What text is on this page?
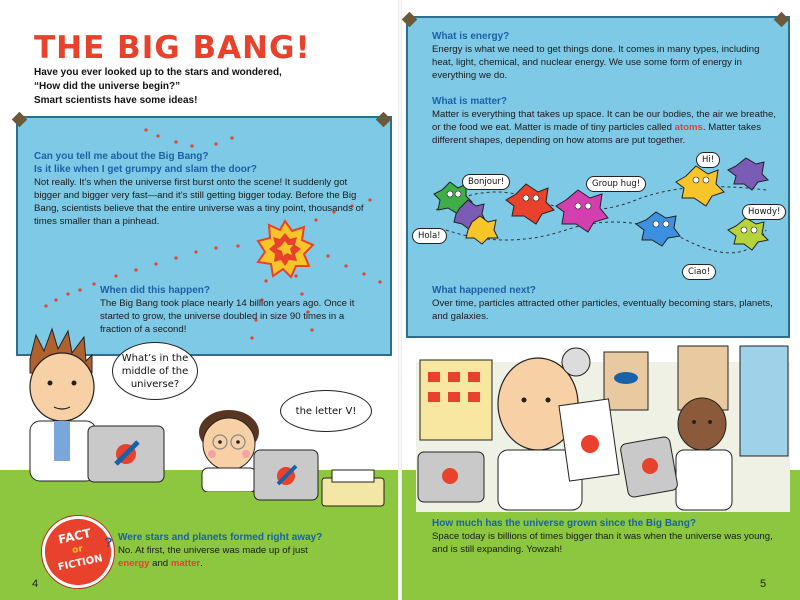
THE BIG BANG!
Have you ever looked up to the stars and wondered,
“How did the universe begin?”
Smart scientists have some ideas!
Can you tell me about the Big Bang?
Is it like when I get grumpy and slam the door?
Not really. It’s when the universe first burst onto the scene! It suddenly got bigger and bigger very fast—and it’s still getting bigger today. Before the Big Bang, scientists believe that the entire universe was a tiny point, thousands of times smaller than a pinhead.
When did this happen?
The Big Bang took place nearly 14 billion years ago. Once it started to grow, the universe doubled in size 90 times in a fraction of a second!
What’s in the middle of the universe?
the letter V!
FACT
or
FICTION
? Were stars and planets formed right away?
No. At first, the universe was made up of just
energy and matter.
4
What is energy?
Energy is what we need to get things done. It comes in many types, including heat, light, chemical, and nuclear energy. We use some form of energy in everything we do.
What is matter?
Matter is everything that takes up space. It can be our bodies, the air we breathe, or the food we eat. Matter is made of tiny particles called atoms. Matter takes different shapes, depending on how atoms are put together.
Bonjour!	Group hug!
Hi!
Hola!
Howdy!
Ciao!
What happened next?
Over time, particles attracted other particles, eventually becoming stars, planets, and galaxies.
How much has the universe grown since the Big Bang?
Space today is billions of times bigger than it was when the universe was young, and is still expanding. Yowzah!
5
